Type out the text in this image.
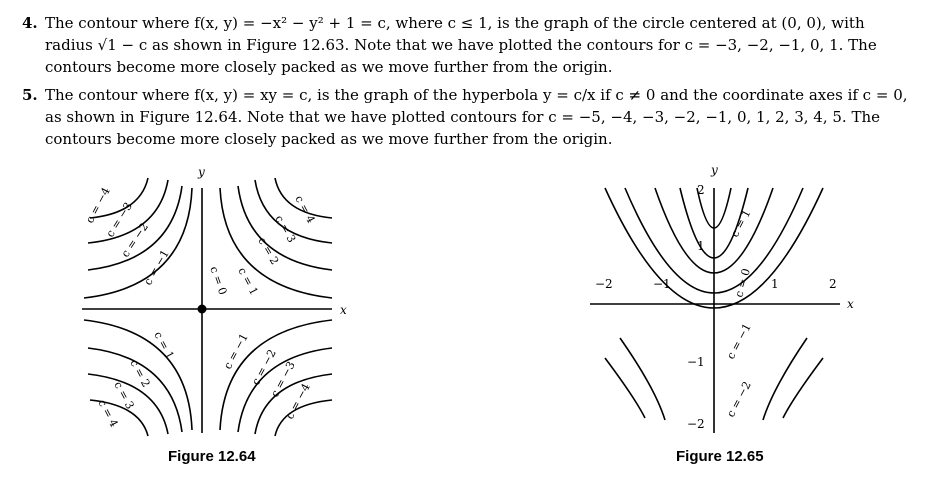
4. The contour where f(x, y) = −x² − y² + 1 = c, where c ≤ 1, is the graph of the circle centered at (0, 0), with radius √1 − c as shown in Figure 12.63. Note that we have plotted the contours for c = −3, −2, −1, 0, 1. The contours become more closely packed as we move further from the origin.
5. The contour where f(x, y) = xy = c, is the graph of the hyperbola y = c/x if c ≠ 0 and the coordinate axes if c = 0, as shown in Figure 12.64. Note that we have plotted contours for c = −5, −4, −3, −2, −1, 0, 1, 2, 3, 4, 5. The contours become more closely packed as we move further from the origin.
x
y
c = −4
c = −3
c = −2
c = −1	c = 0 c = 1
c = 2
c = 3
c = 4
c = −1
c = −2
c = −3
c = −4
c = 1
c = 2
c = 3
c = 4
Figure 12.64
x
y
−2	−1	1	2
2
1
−1
−2
c = 1
c = 0
c = −1
c = −2
Figure 12.65
